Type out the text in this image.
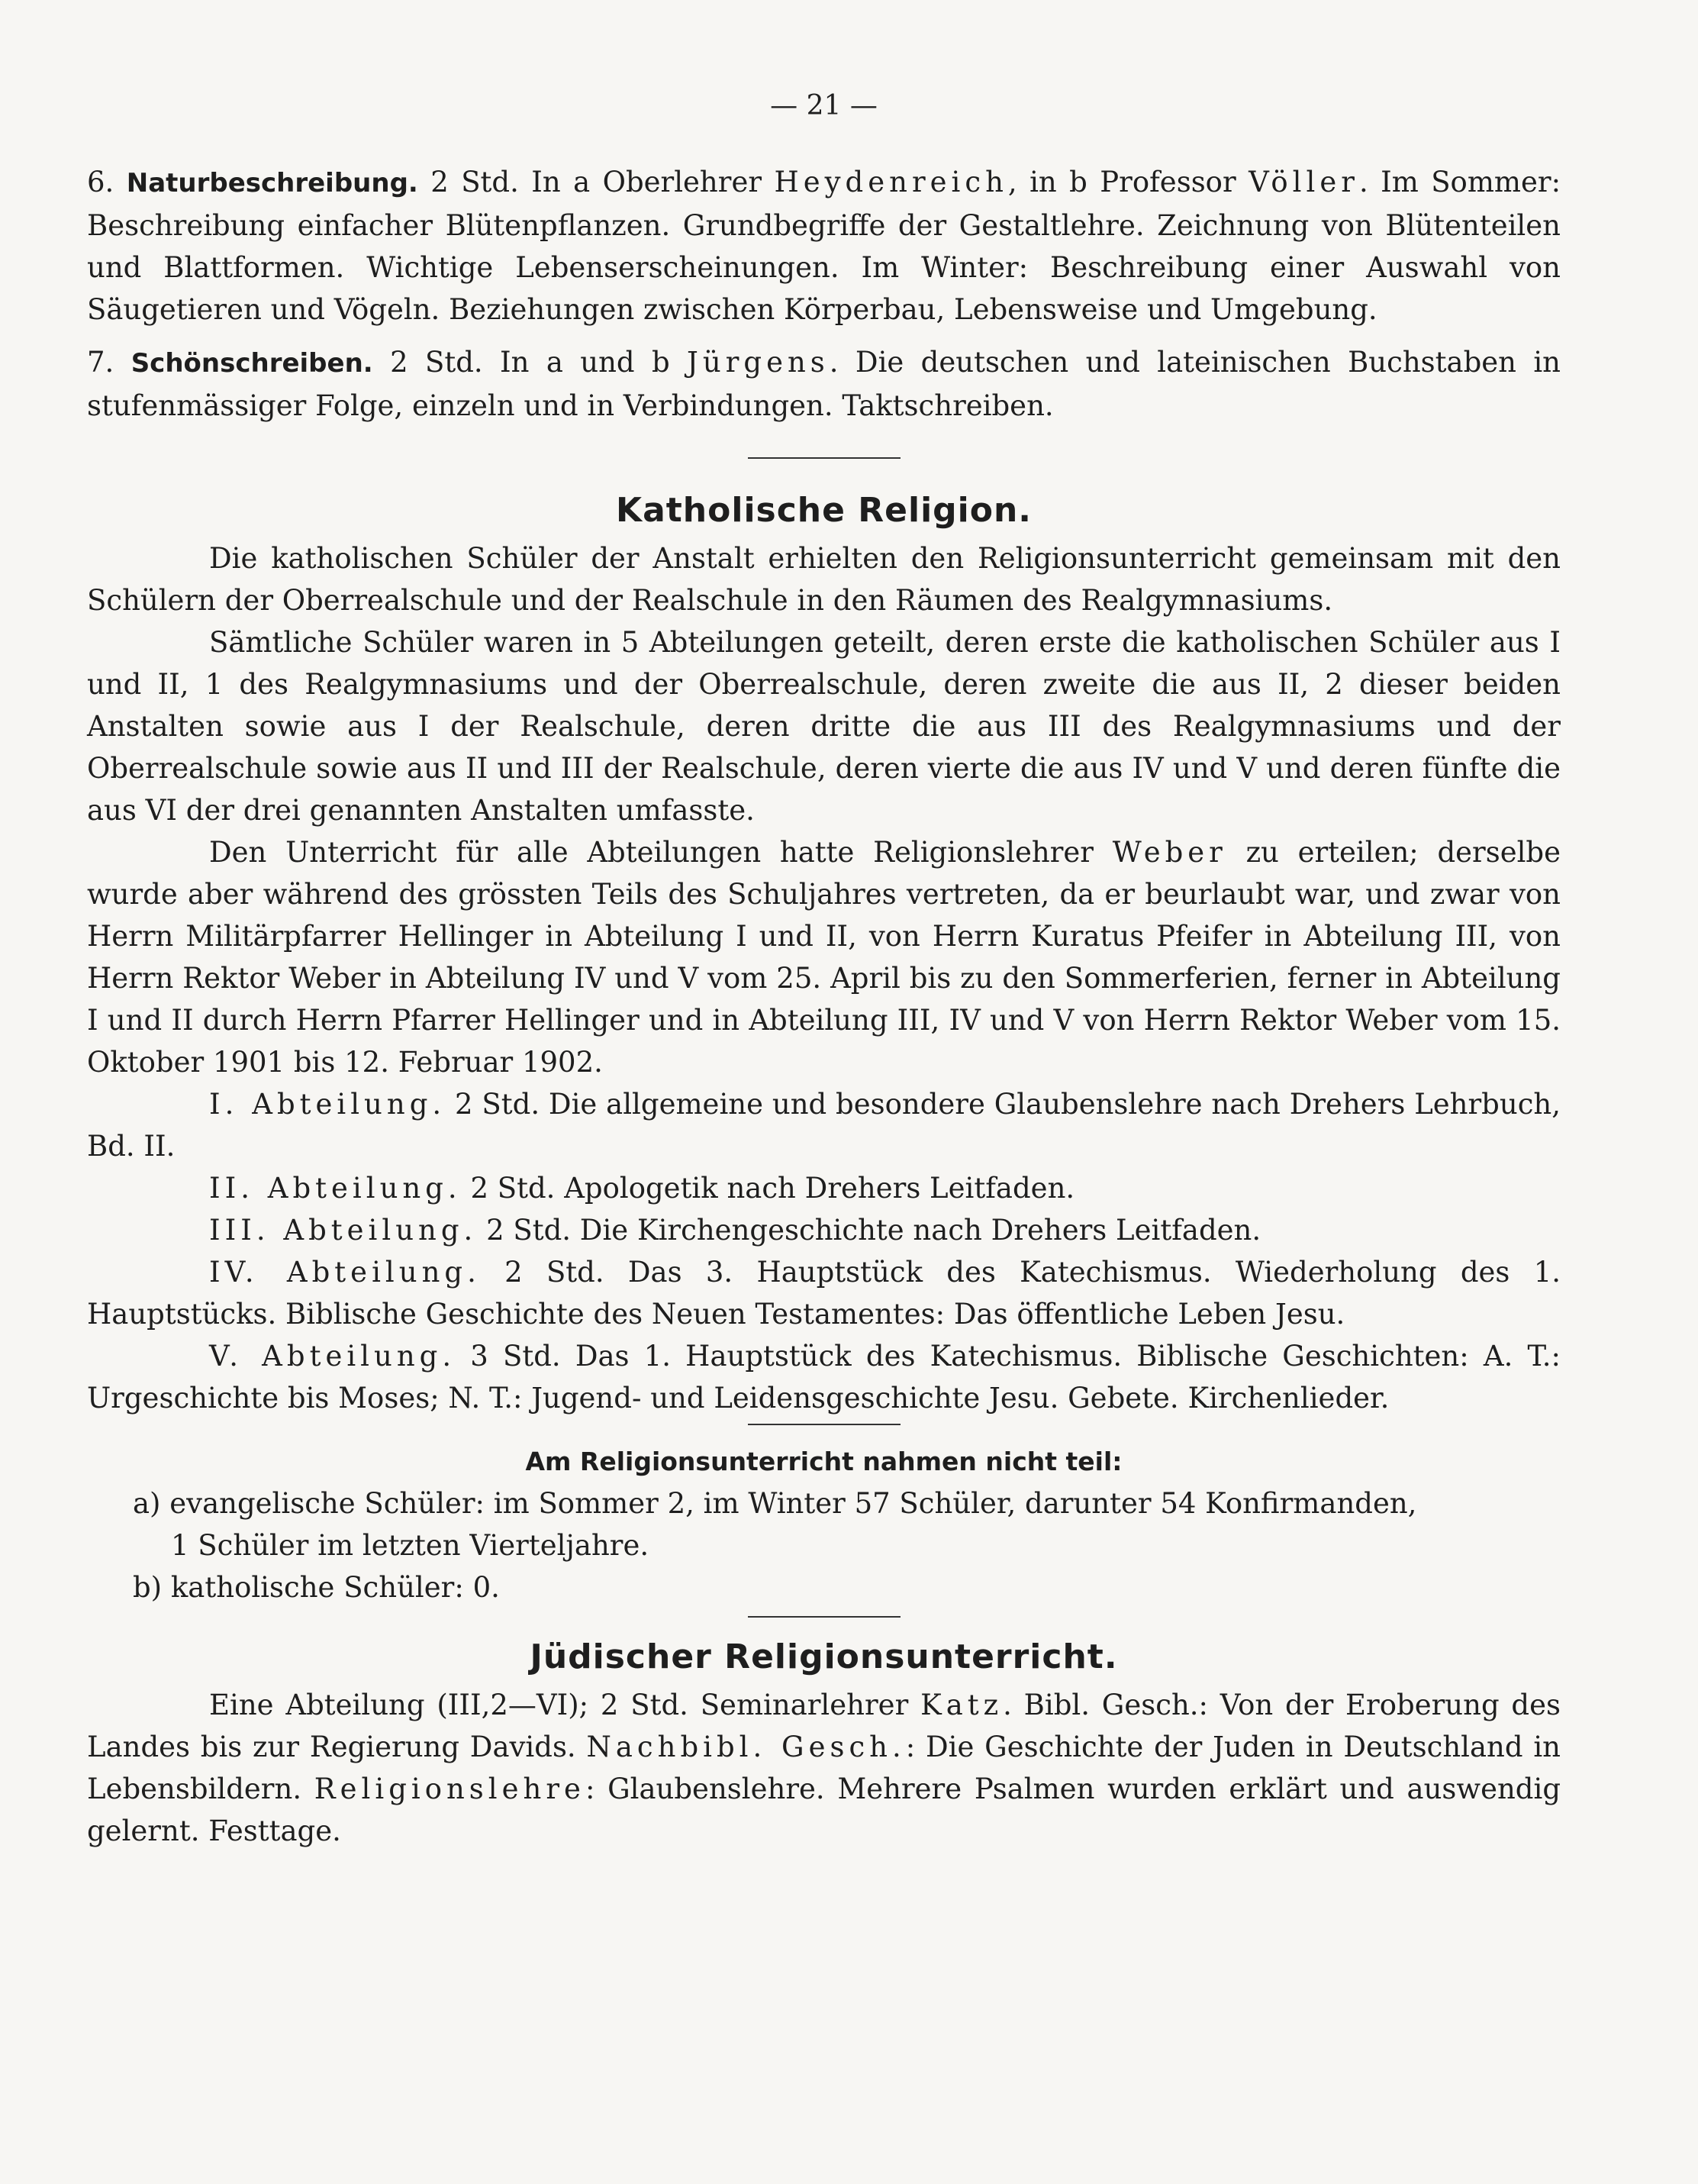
— 21 —

6. Naturbeschreibung. 2 Std. In a Oberlehrer Heydenreich, in b Professor Völler. Im Sommer: Beschreibung einfacher Blütenpflanzen. Grundbegriffe der Gestaltlehre. Zeichnung von Blütenteilen und Blattformen. Wichtige Lebenserscheinungen. Im Winter: Beschreibung einer Auswahl von Säugetieren und Vögeln. Beziehungen zwischen Körperbau, Lebensweise und Umgebung.

7. Schönschreiben. 2 Std. In a und b Jürgens. Die deutschen und lateinischen Buchstaben in stufenmässiger Folge, einzeln und in Verbindungen. Taktschreiben.

Katholische Religion.

Die katholischen Schüler der Anstalt erhielten den Religionsunterricht gemeinsam mit den Schülern der Oberrealschule und der Realschule in den Räumen des Realgymnasiums.

Sämtliche Schüler waren in 5 Abteilungen geteilt, deren erste die katholischen Schüler aus I und II, 1 des Realgymnasiums und der Oberrealschule, deren zweite die aus II, 2 dieser beiden Anstalten sowie aus I der Realschule, deren dritte die aus III des Realgymnasiums und der Oberrealschule sowie aus II und III der Realschule, deren vierte die aus IV und V und deren fünfte die aus VI der drei genannten Anstalten umfasste.

Den Unterricht für alle Abteilungen hatte Religionslehrer Weber zu erteilen; derselbe wurde aber während des grössten Teils des Schuljahres vertreten, da er beurlaubt war, und zwar von Herrn Militärpfarrer Hellinger in Abteilung I und II, von Herrn Kuratus Pfeifer in Abteilung III, von Herrn Rektor Weber in Abteilung IV und V vom 25. April bis zu den Sommerferien, ferner in Abteilung I und II durch Herrn Pfarrer Hellinger und in Abteilung III, IV und V von Herrn Rektor Weber vom 15. Oktober 1901 bis 12. Februar 1902.

I. Abteilung. 2 Std. Die allgemeine und besondere Glaubenslehre nach Drehers Lehrbuch, Bd. II.

II. Abteilung. 2 Std. Apologetik nach Drehers Leitfaden.

III. Abteilung. 2 Std. Die Kirchengeschichte nach Drehers Leitfaden.

IV. Abteilung. 2 Std. Das 3. Hauptstück des Katechismus. Wiederholung des 1. Hauptstücks. Biblische Geschichte des Neuen Testamentes: Das öffentliche Leben Jesu.

V. Abteilung. 3 Std. Das 1. Hauptstück des Katechismus. Biblische Geschichten: A. T.: Urgeschichte bis Moses; N. T.: Jugend- und Leidensgeschichte Jesu. Gebete. Kirchenlieder.

Am Religionsunterricht nahmen nicht teil:

a) evangelische Schüler: im Sommer 2, im Winter 57 Schüler, darunter 54 Konfirmanden,

1 Schüler im letzten Vierteljahre.

b) katholische Schüler: 0.

Jüdischer Religionsunterricht.

Eine Abteilung (III,2—VI); 2 Std. Seminarlehrer Katz. Bibl. Gesch.: Von der Eroberung des Landes bis zur Regierung Davids. Nachbibl. Gesch.: Die Geschichte der Juden in Deutschland in Lebensbildern. Religionslehre: Glaubenslehre. Mehrere Psalmen wurden erklärt und auswendig gelernt. Festtage.
